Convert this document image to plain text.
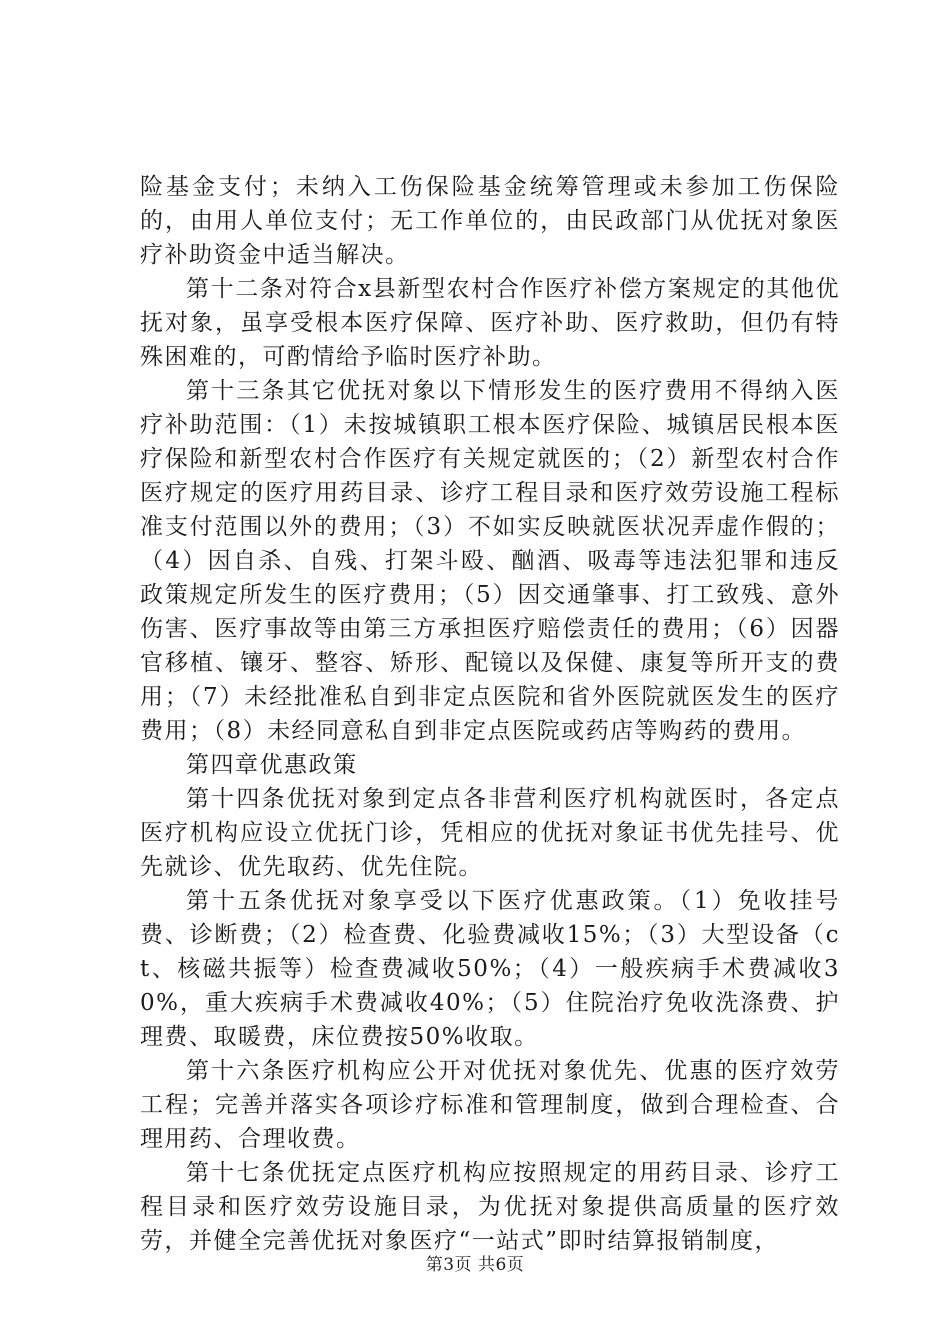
险基金支付；未纳入工伤保险基金统筹管理或未参加工伤保险的，由用人单位支付；无工作单位的，由民政部门从优抚对象医疗补助资金中适当解决。

第十二条对符合x县新型农村合作医疗补偿方案规定的其他优抚对象，虽享受根本医疗保障、医疗补助、医疗救助，但仍有特殊困难的，可酌情给予临时医疗补助。

第十三条其它优抚对象以下情形发生的医疗费用不得纳入医疗补助范围：（1）未按城镇职工根本医疗保险、城镇居民根本医疗保险和新型农村合作医疗有关规定就医的；（2）新型农村合作医疗规定的医疗用药目录、诊疗工程目录和医疗效劳设施工程标准支付范围以外的费用；（3）不如实反映就医状况弄虚作假的；（4）因自杀、自残、打架斗殴、酗酒、吸毒等违法犯罪和违反政策规定所发生的医疗费用；（5）因交通肇事、打工致残、意外伤害、医疗事故等由第三方承担医疗赔偿责任的费用；（6）因器官移植、镶牙、整容、矫形、配镜以及保健、康复等所开支的费用；（7）未经批准私自到非定点医院和省外医院就医发生的医疗费用；（8）未经同意私自到非定点医院或药店等购药的费用。

第四章优惠政策

第十四条优抚对象到定点各非营利医疗机构就医时，各定点医疗机构应设立优抚门诊，凭相应的优抚对象证书优先挂号、优先就诊、优先取药、优先住院。

第十五条优抚对象享受以下医疗优惠政策。（1）免收挂号费、诊断费；（2）检查费、化验费减收15%；（3）大型设备（ct、核磁共振等）检查费减收50%；（4）一般疾病手术费减收30%，重大疾病手术费减收40%；（5）住院治疗免收洗涤费、护理费、取暖费，床位费按50%收取。

第十六条医疗机构应公开对优抚对象优先、优惠的医疗效劳工程；完善并落实各项诊疗标准和管理制度，做到合理检查、合理用药、合理收费。

第十七条优抚定点医疗机构应按照规定的用药目录、诊疗工程目录和医疗效劳设施目录，为优抚对象提供高质量的医疗效劳，并健全完善优抚对象医疗“一站式”即时结算报销制度，

第3页 共6页
